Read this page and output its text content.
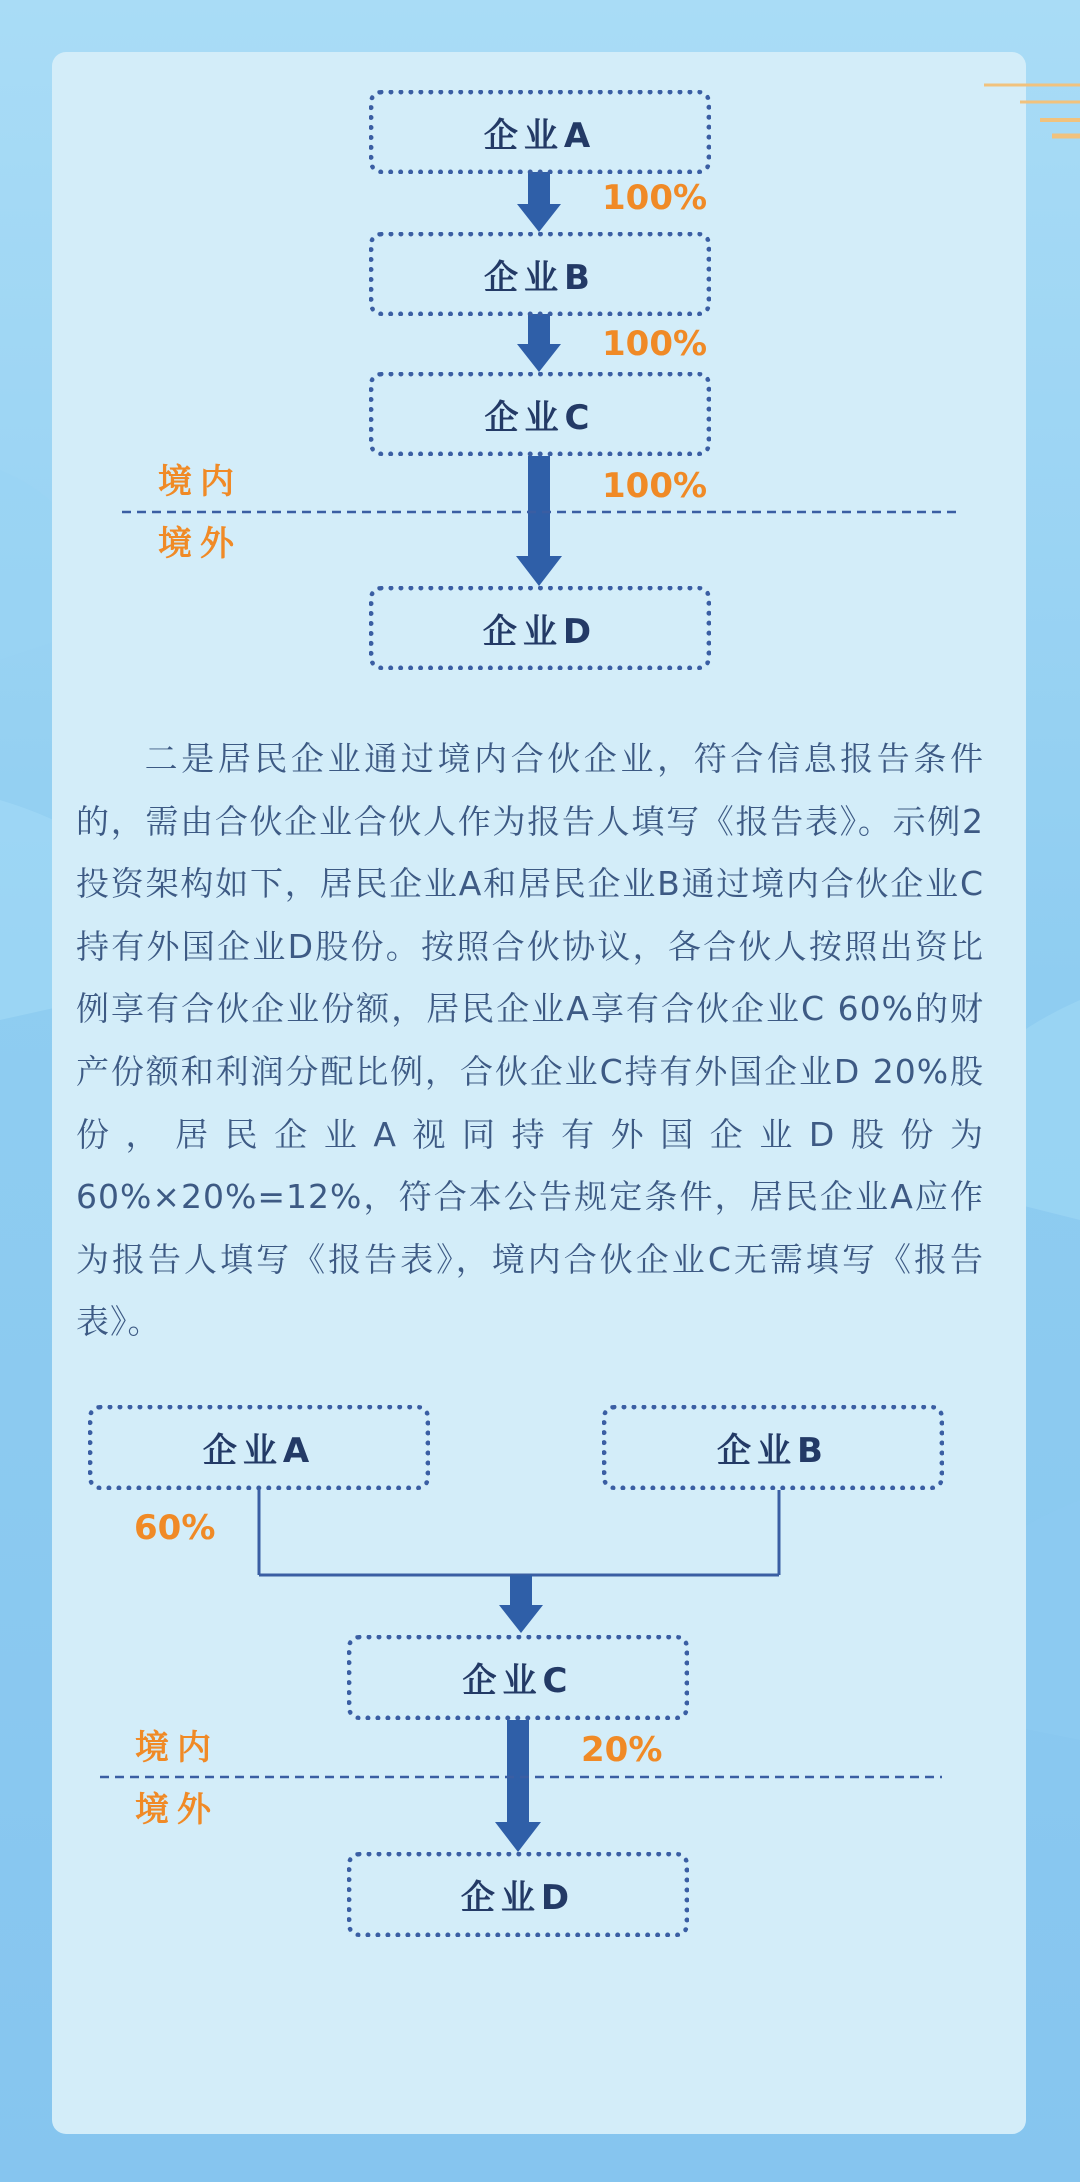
企业A
企业B
企业C
企业D
100%
100%
100%
境内
境外

二是居民企业通过境内合伙企业，符合信息报告条件的，需由合伙企业合伙人作为报告人填写《报告表》。示例2投资架构如下，居民企业A和居民企业B通过境内合伙企业C持有外国企业D股份。按照合伙协议，各合伙人按照出资比例享有合伙企业份额，居民企业A享有合伙企业C 60%的财产份额和利润分配比例，合伙企业C持有外国企业D 20%股份，居民企业A视同持有外国企业D股份为60%×20%=12%，符合本公告规定条件，居民企业A应作为报告人填写《报告表》，境内合伙企业C无需填写《报告表》。

企业A	企业B
企业C
企业D
60%
20%
境内
境外
